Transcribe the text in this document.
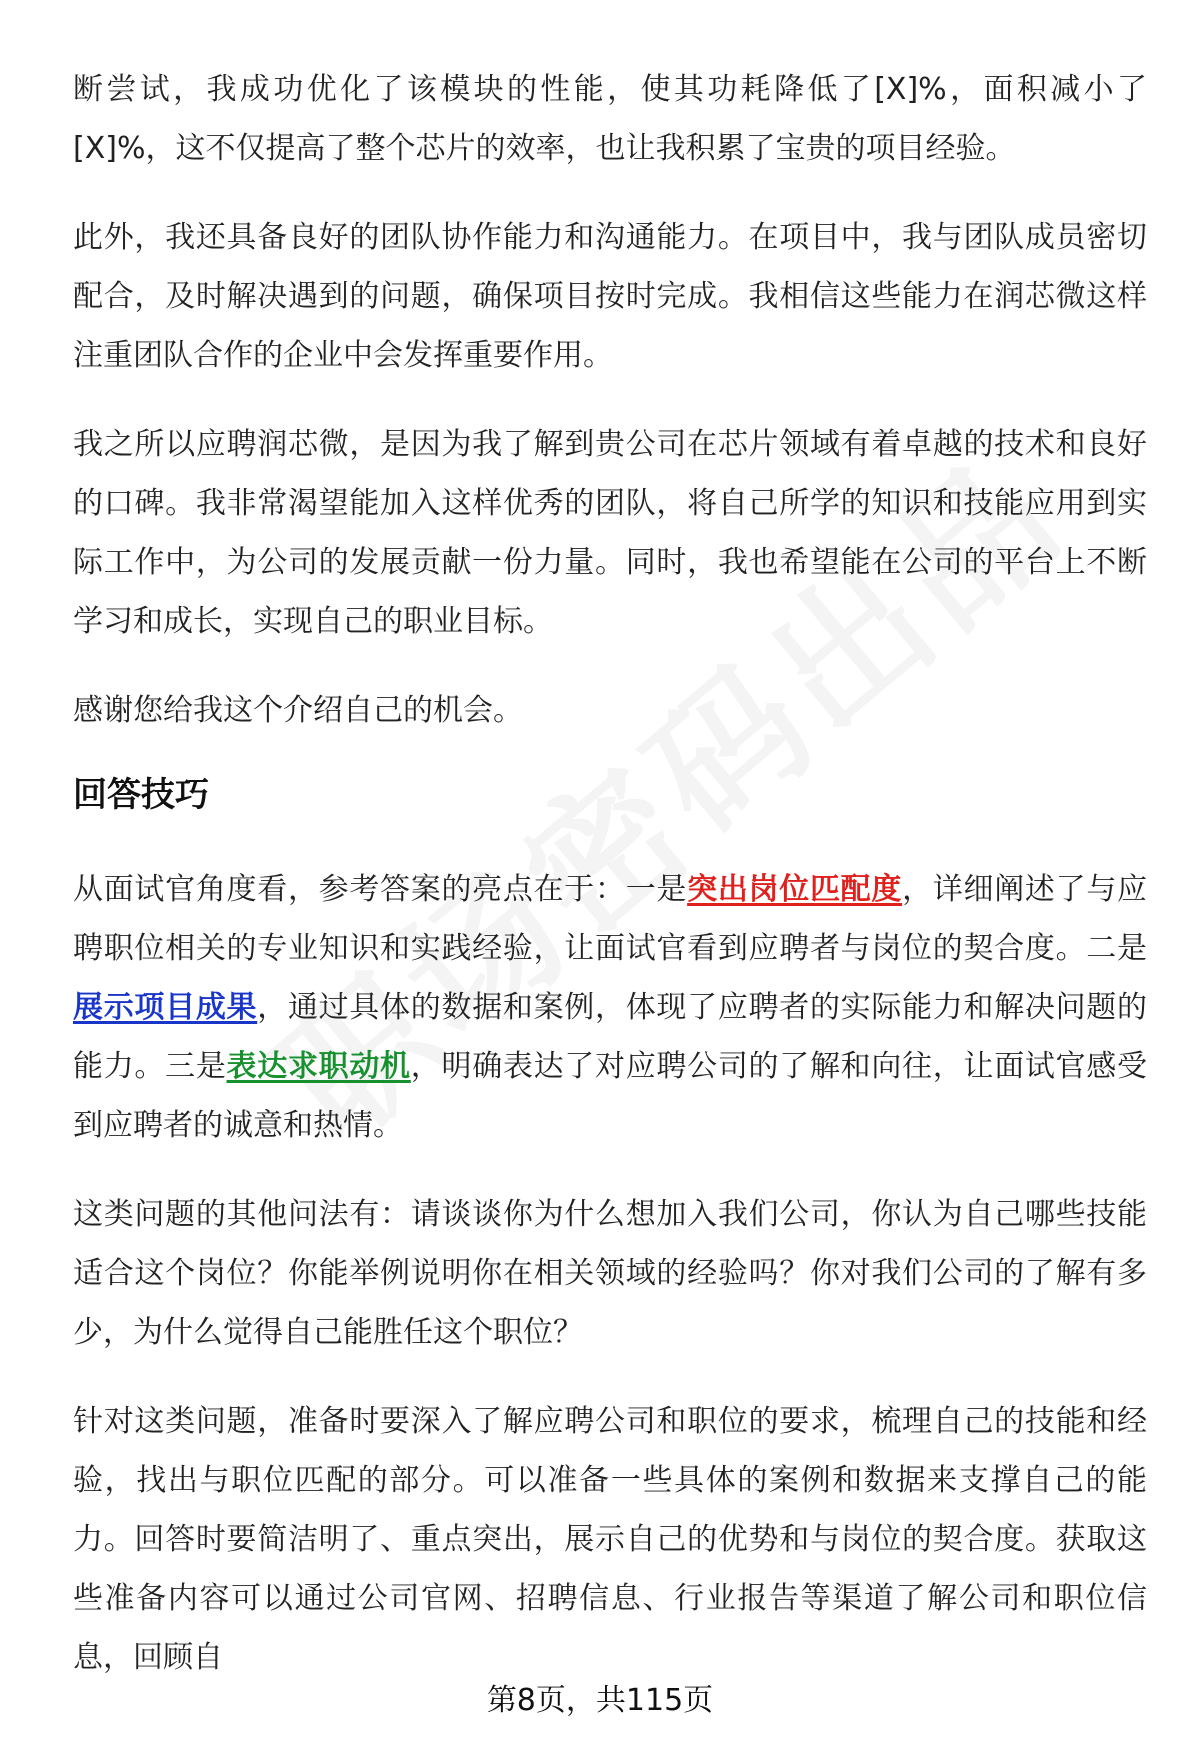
断尝试，我成功优化了该模块的性能，使其功耗降低了[X]%，面积减小了[X]%，这不仅提高了整个芯片的效率，也让我积累了宝贵的项目经验。

此外，我还具备良好的团队协作能力和沟通能力。在项目中，我与团队成员密切配合，及时解决遇到的问题，确保项目按时完成。我相信这些能力在润芯微这样注重团队合作的企业中会发挥重要作用。

我之所以应聘润芯微，是因为我了解到贵公司在芯片领域有着卓越的技术和良好的口碑。我非常渴望能加入这样优秀的团队，将自己所学的知识和技能应用到实际工作中，为公司的发展贡献一份力量。同时，我也希望能在公司的平台上不断学习和成长，实现自己的职业目标。

感谢您给我这个介绍自己的机会。

回答技巧

从面试官角度看，参考答案的亮点在于：一是突出岗位匹配度，详细阐述了与应聘职位相关的专业知识和实践经验，让面试官看到应聘者与岗位的契合度。二是展示项目成果，通过具体的数据和案例，体现了应聘者的实际能力和解决问题的能力。三是表达求职动机，明确表达了对应聘公司的了解和向往，让面试官感受到应聘者的诚意和热情。

这类问题的其他问法有：请谈谈你为什么想加入我们公司，你认为自己哪些技能适合这个岗位？你能举例说明你在相关领域的经验吗？你对我们公司的了解有多少，为什么觉得自己能胜任这个职位？

针对这类问题，准备时要深入了解应聘公司和职位的要求，梳理自己的技能和经验，找出与职位匹配的部分。可以准备一些具体的案例和数据来支撑自己的能力。回答时要简洁明了、重点突出，展示自己的优势和与岗位的契合度。获取这些准备内容可以通过公司官网、招聘信息、行业报告等渠道了解公司和职位信息，回顾自

第8页，共115页
